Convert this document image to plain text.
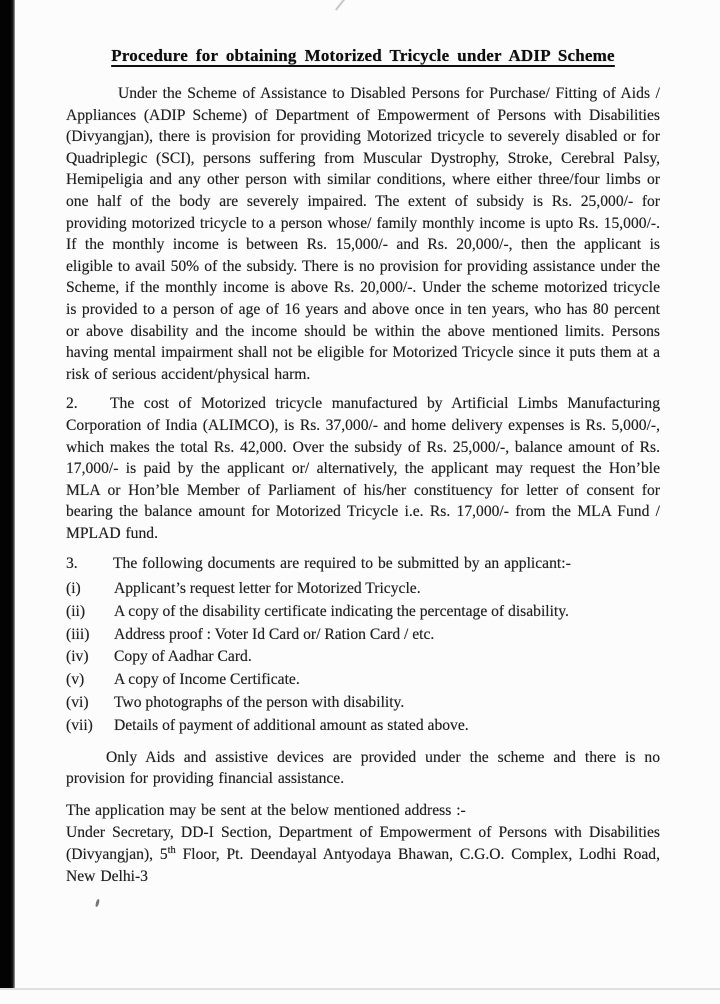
Procedure for obtaining Motorized Tricycle under ADIP Scheme

Under the Scheme of Assistance to Disabled Persons for Purchase/ Fitting of Aids / Appliances (ADIP Scheme) of Department of Empowerment of Persons with Disabilities (Divyangjan), there is provision for providing Motorized tricycle to severely disabled or for Quadriplegic (SCI), persons suffering from Muscular Dystrophy, Stroke, Cerebral Palsy, Hemipeligia and any other person with similar conditions, where either three/four limbs or one half of the body are severely impaired. The extent of subsidy is Rs. 25,000/- for providing motorized tricycle to a person whose/ family monthly income is upto Rs. 15,000/-. If the monthly income is between Rs. 15,000/- and Rs. 20,000/-, then the applicant is eligible to avail 50% of the subsidy. There is no provision for providing assistance under the Scheme, if the monthly income is above Rs. 20,000/-. Under the scheme motorized tricycle is provided to a person of age of 16 years and above once in ten years, who has 80 percent or above disability and the income should be within the above mentioned limits. Persons having mental impairment shall not be eligible for Motorized Tricycle since it puts them at a risk of serious accident/physical harm.

2. The cost of Motorized tricycle manufactured by Artificial Limbs Manufacturing Corporation of India (ALIMCO), is Rs. 37,000/- and home delivery expenses is Rs. 5,000/-, which makes the total Rs. 42,000. Over the subsidy of Rs. 25,000/-, balance amount of Rs. 17,000/- is paid by the applicant or/ alternatively, the applicant may request the Hon’ble MLA or Hon’ble Member of Parliament of his/her constituency for letter of consent for bearing the balance amount for Motorized Tricycle i.e. Rs. 17,000/- from the MLA Fund / MPLAD fund.

3. The following documents are required to be submitted by an applicant:-

(i)	Applicant’s request letter for Motorized Tricycle.
(ii)	A copy of the disability certificate indicating the percentage of disability.
(iii)	Address proof : Voter Id Card or/ Ration Card / etc.
(iv)	Copy of Aadhar Card.
(v)	A copy of Income Certificate.
(vi)	Two photographs of the person with disability.
(vii)	Details of payment of additional amount as stated above.

Only Aids and assistive devices are provided under the scheme and there is no provision for providing financial assistance.

The application may be sent at the below mentioned address :-

Under Secretary, DD-I Section, Department of Empowerment of Persons with Disabilities (Divyangjan), 5th Floor, Pt. Deendayal Antyodaya Bhawan, C.G.O. Complex, Lodhi Road, New Delhi-3
